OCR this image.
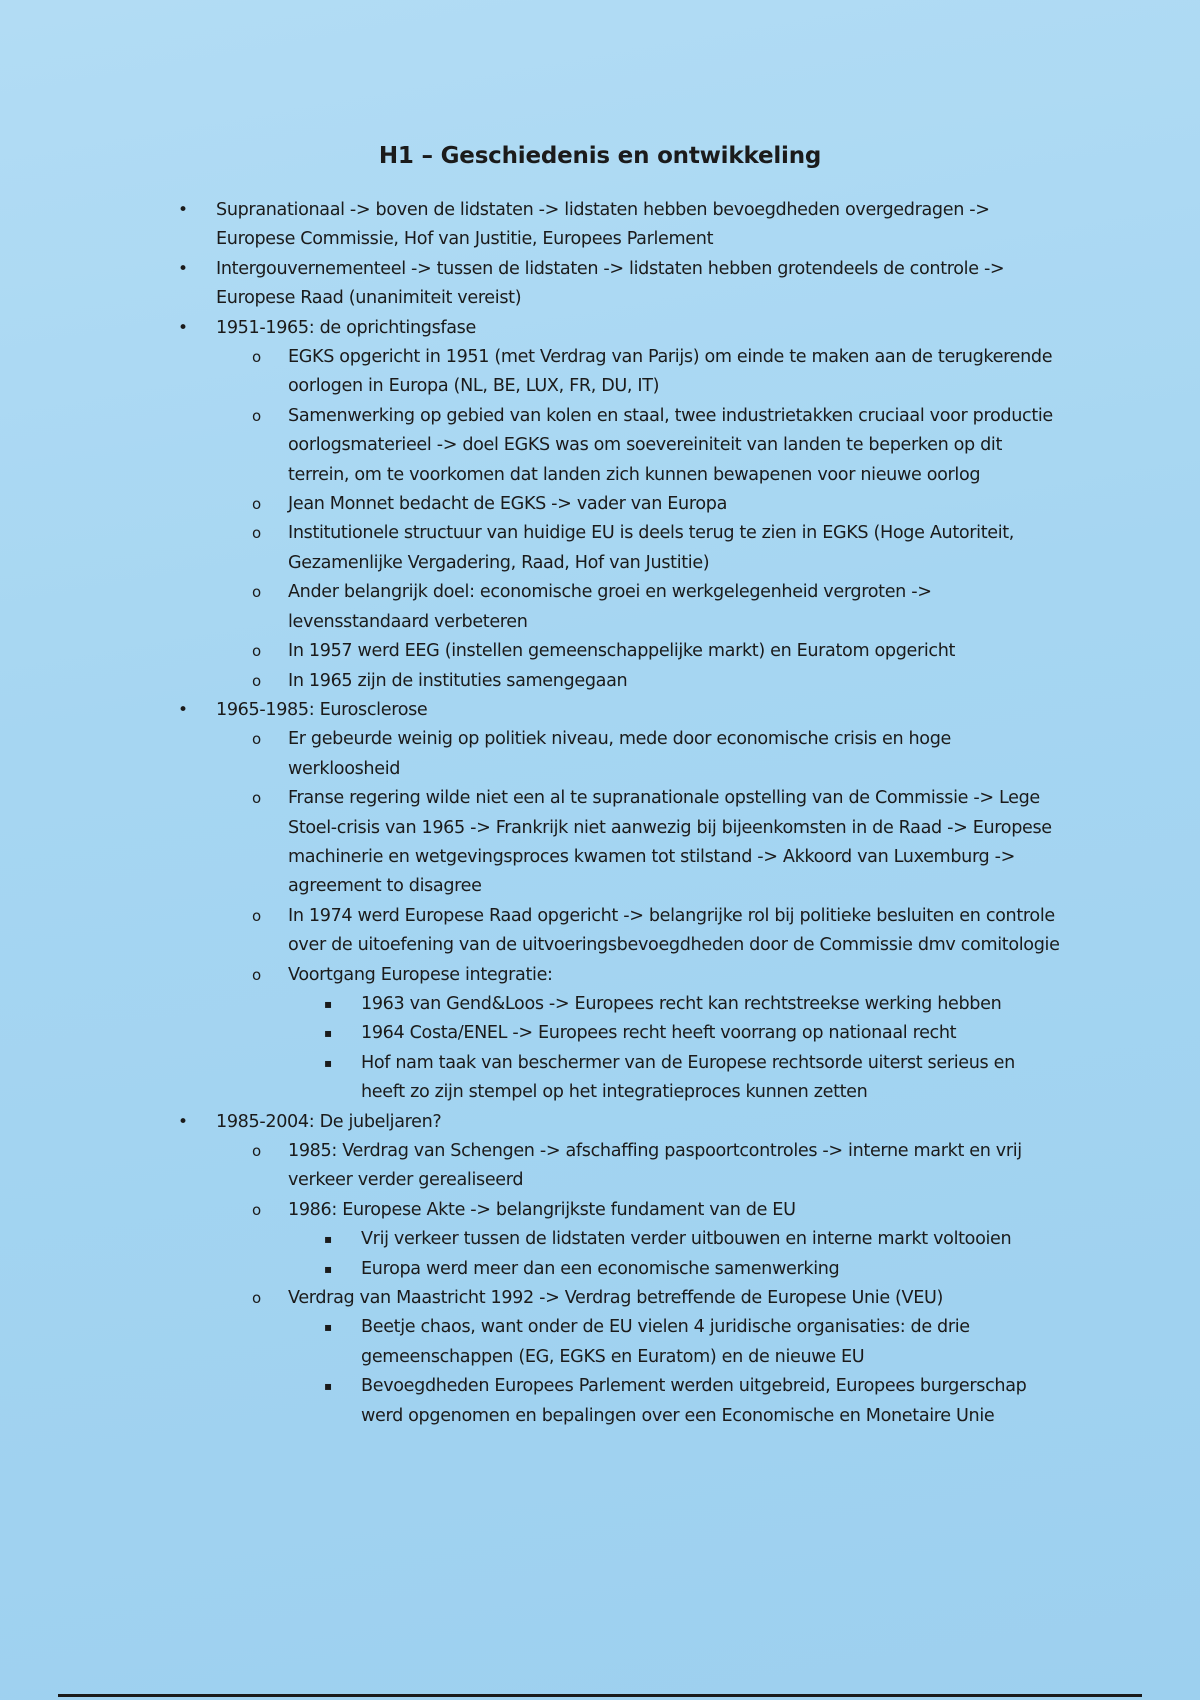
H1 – Geschiedenis en ontwikkeling
• Supranationaal -> boven de lidstaten -> lidstaten hebben bevoegdheden overgedragen -> Europese Commissie, Hof van Justitie, Europees Parlement
• Intergouvernementeel -> tussen de lidstaten -> lidstaten hebben grotendeels de controle -> Europese Raad (unanimiteit vereist)
• 1951-1965: de oprichtingsfase
o EGKS opgericht in 1951 (met Verdrag van Parijs) om einde te maken aan de terugkerende oorlogen in Europa (NL, BE, LUX, FR, DU, IT)
o Samenwerking op gebied van kolen en staal, twee industrietakken cruciaal voor productie oorlogsmaterieel -> doel EGKS was om soevereiniteit van landen te beperken op dit terrein, om te voorkomen dat landen zich kunnen bewapenen voor nieuwe oorlog
o Jean Monnet bedacht de EGKS -> vader van Europa
o Institutionele structuur van huidige EU is deels terug te zien in EGKS (Hoge Autoriteit, Gezamenlijke Vergadering, Raad, Hof van Justitie)
o Ander belangrijk doel: economische groei en werkgelegenheid vergroten -> levensstandaard verbeteren
o In 1957 werd EEG (instellen gemeenschappelijke markt) en Euratom opgericht
o In 1965 zijn de instituties samengegaan
• 1965-1985: Eurosclerose
o Er gebeurde weinig op politiek niveau, mede door economische crisis en hoge werkloosheid
o Franse regering wilde niet een al te supranationale opstelling van de Commissie -> Lege Stoel-crisis van 1965 -> Frankrijk niet aanwezig bij bijeenkomsten in de Raad -> Europese machinerie en wetgevingsproces kwamen tot stilstand -> Akkoord van Luxemburg -> agreement to disagree
o In 1974 werd Europese Raad opgericht -> belangrijke rol bij politieke besluiten en controle over de uitoefening van de uitvoeringsbevoegdheden door de Commissie dmv comitologie
o Voortgang Europese integratie:
▪ 1963 van Gend&Loos -> Europees recht kan rechtstreekse werking hebben
▪ 1964 Costa/ENEL -> Europees recht heeft voorrang op nationaal recht
▪ Hof nam taak van beschermer van de Europese rechtsorde uiterst serieus en heeft zo zijn stempel op het integratieproces kunnen zetten
• 1985-2004: De jubeljaren?
o 1985: Verdrag van Schengen -> afschaffing paspoortcontroles -> interne markt en vrij verkeer verder gerealiseerd
o 1986: Europese Akte -> belangrijkste fundament van de EU
▪ Vrij verkeer tussen de lidstaten verder uitbouwen en interne markt voltooien
▪ Europa werd meer dan een economische samenwerking
o Verdrag van Maastricht 1992 -> Verdrag betreffende de Europese Unie (VEU)
▪ Beetje chaos, want onder de EU vielen 4 juridische organisaties: de drie gemeenschappen (EG, EGKS en Euratom) en de nieuwe EU
▪ Bevoegdheden Europees Parlement werden uitgebreid, Europees burgerschap werd opgenomen en bepalingen over een Economische en Monetaire Unie
